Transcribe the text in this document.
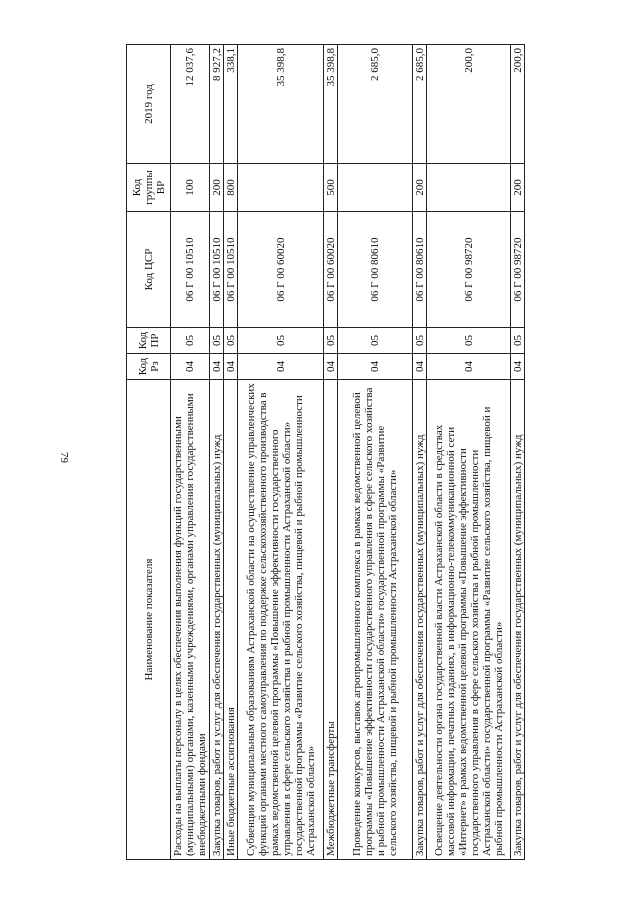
79
Наименование показателя	Код Рз	Код ПР	Код ЦСР	Код группы ВР	2019 год
Расходы на выплаты персоналу в целях обеспечения выполнения функций государственными (муниципальными) органами, казенными учреждениями, органами управления государственными внебюджетными фондами	04	05	06 Г 00 10510	100	12 037,6
Закупка товаров, работ и услуг для обеспечения государственных (муниципальных) нужд	04	05	06 Г 00 10510	200	8 927,2
Иные бюджетные ассигнования	04	05	06 Г 00 10510	800	338,1
Субвенции муниципальным образованиям Астраханской области на осуществление управленческих функций органами местного самоуправления по поддержке сельскохозяйственного производства в рамках ведомственной целевой программы «Повышение эффективности государственного управления в сфере сельского хозяйства и рыбной промышленности Астраханской области» государственной программы «Развитие сельского хозяйства, пищевой и рыбной промышленности Астраханской области»	04	05	06 Г 00 60020		35 398,8
Межбюджетные трансферты	04	05	06 Г 00 60020	500	35 398,8
Проведение конкурсов, выставок агропромышленного комплекса в рамках ведомственной целевой программы «Повышение эффективности государственного управления в сфере сельского хозяйства и рыбной промышленности Астраханской области» государственной программы «Развитие сельского хозяйства, пищевой и рыбной промышленности Астраханской области»	04	05	06 Г 00 80610		2 685,0
Закупка товаров, работ и услуг для обеспечения государственных (муниципальных) нужд	04	05	06 Г 00 80610	200	2 685,0
Освещение деятельности органа государственной власти Астраханской области в средствах массовой информации, печатных изданиях, в информационно-телекоммуникационной сети «Интернет» в рамках ведомственной целевой программы «Повышение эффективности государственного управления в сфере сельского хозяйства и рыбной промышленности Астраханской области» государственной программы «Развитие сельского хозяйства, пищевой и рыбной промышленности Астраханской области»	04	05	06 Г 00 98720		200,0
Закупка товаров, работ и услуг для обеспечения государственных (муниципальных) нужд	04	05	06 Г 00 98720	200	200,0
